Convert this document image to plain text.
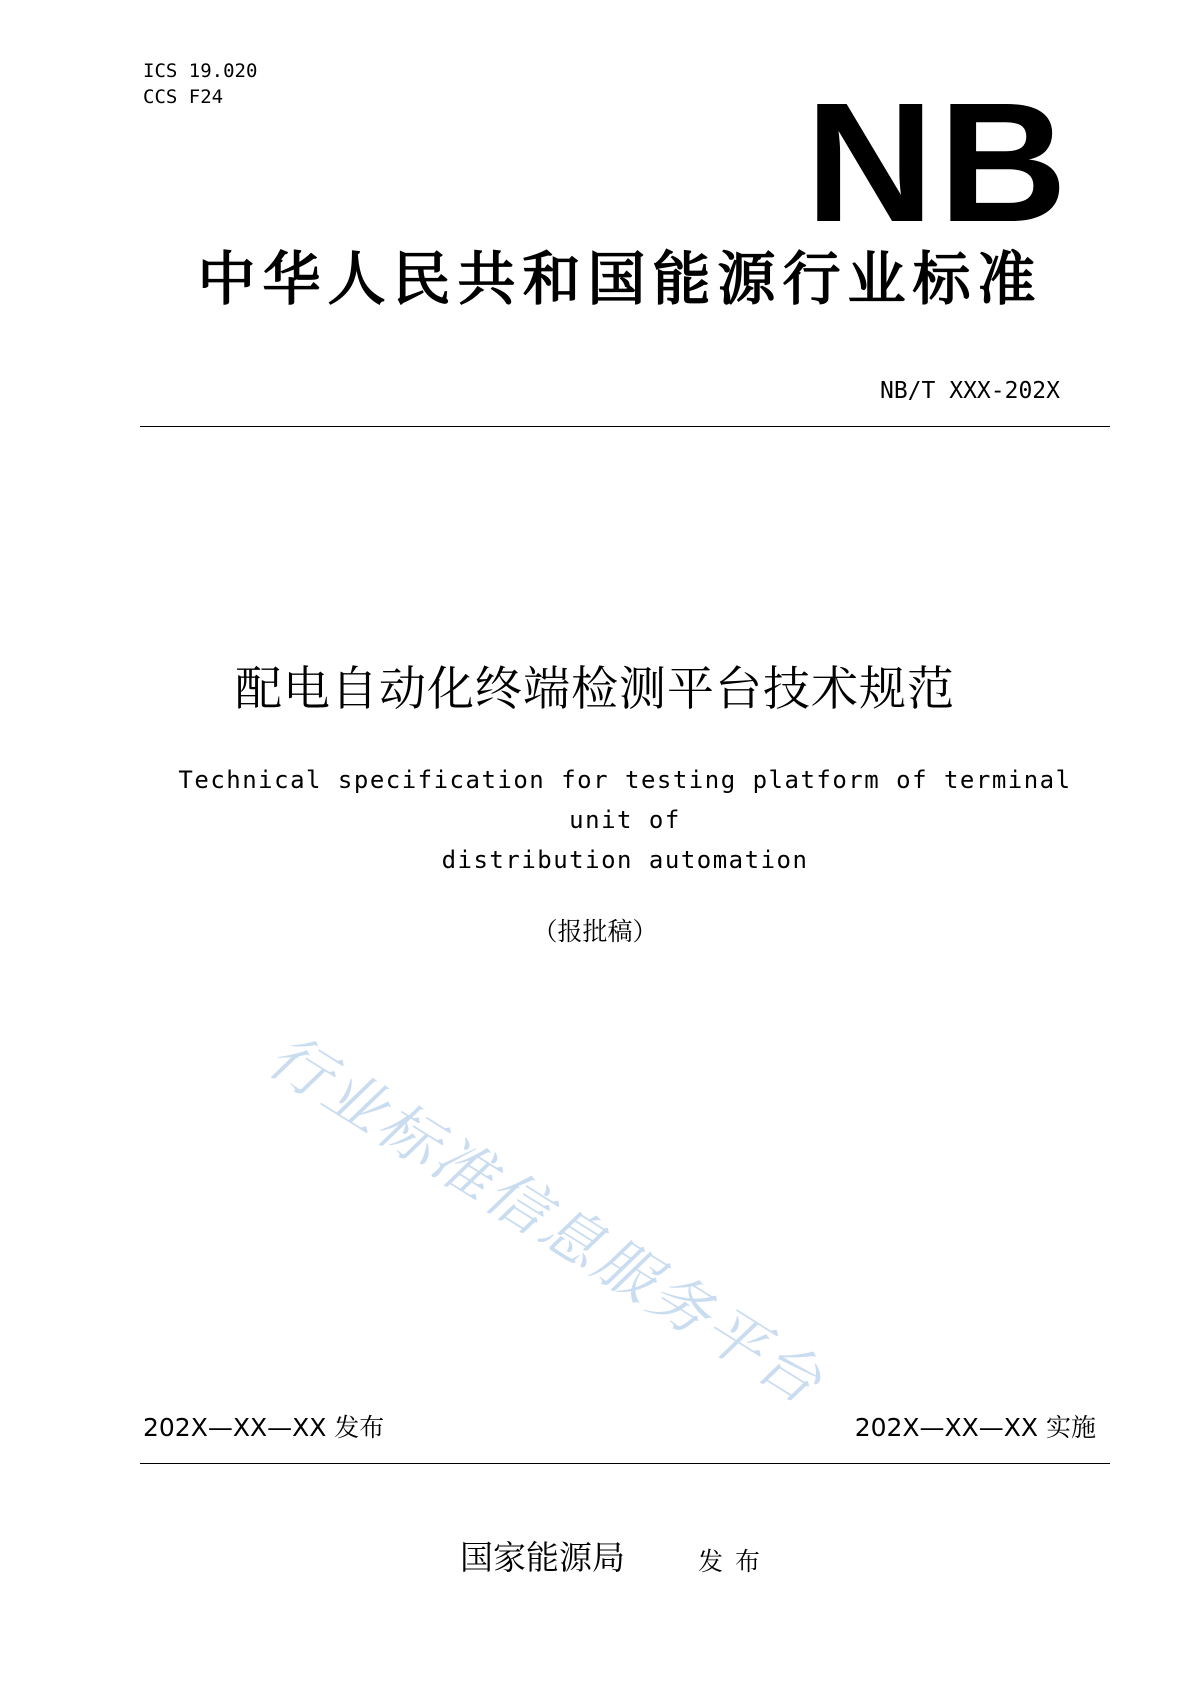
ICS 19.020
CCS F24	NB
中华人民共和国能源行业标准
NB/T XXX-202X
配电自动化终端检测平台技术规范
Technical specification for testing platform of terminal unit of
distribution automation
（报批稿）
行业标准信息服务平台
202X—XX—XX 发布	202X—XX—XX 实施
国家能源局	发布
